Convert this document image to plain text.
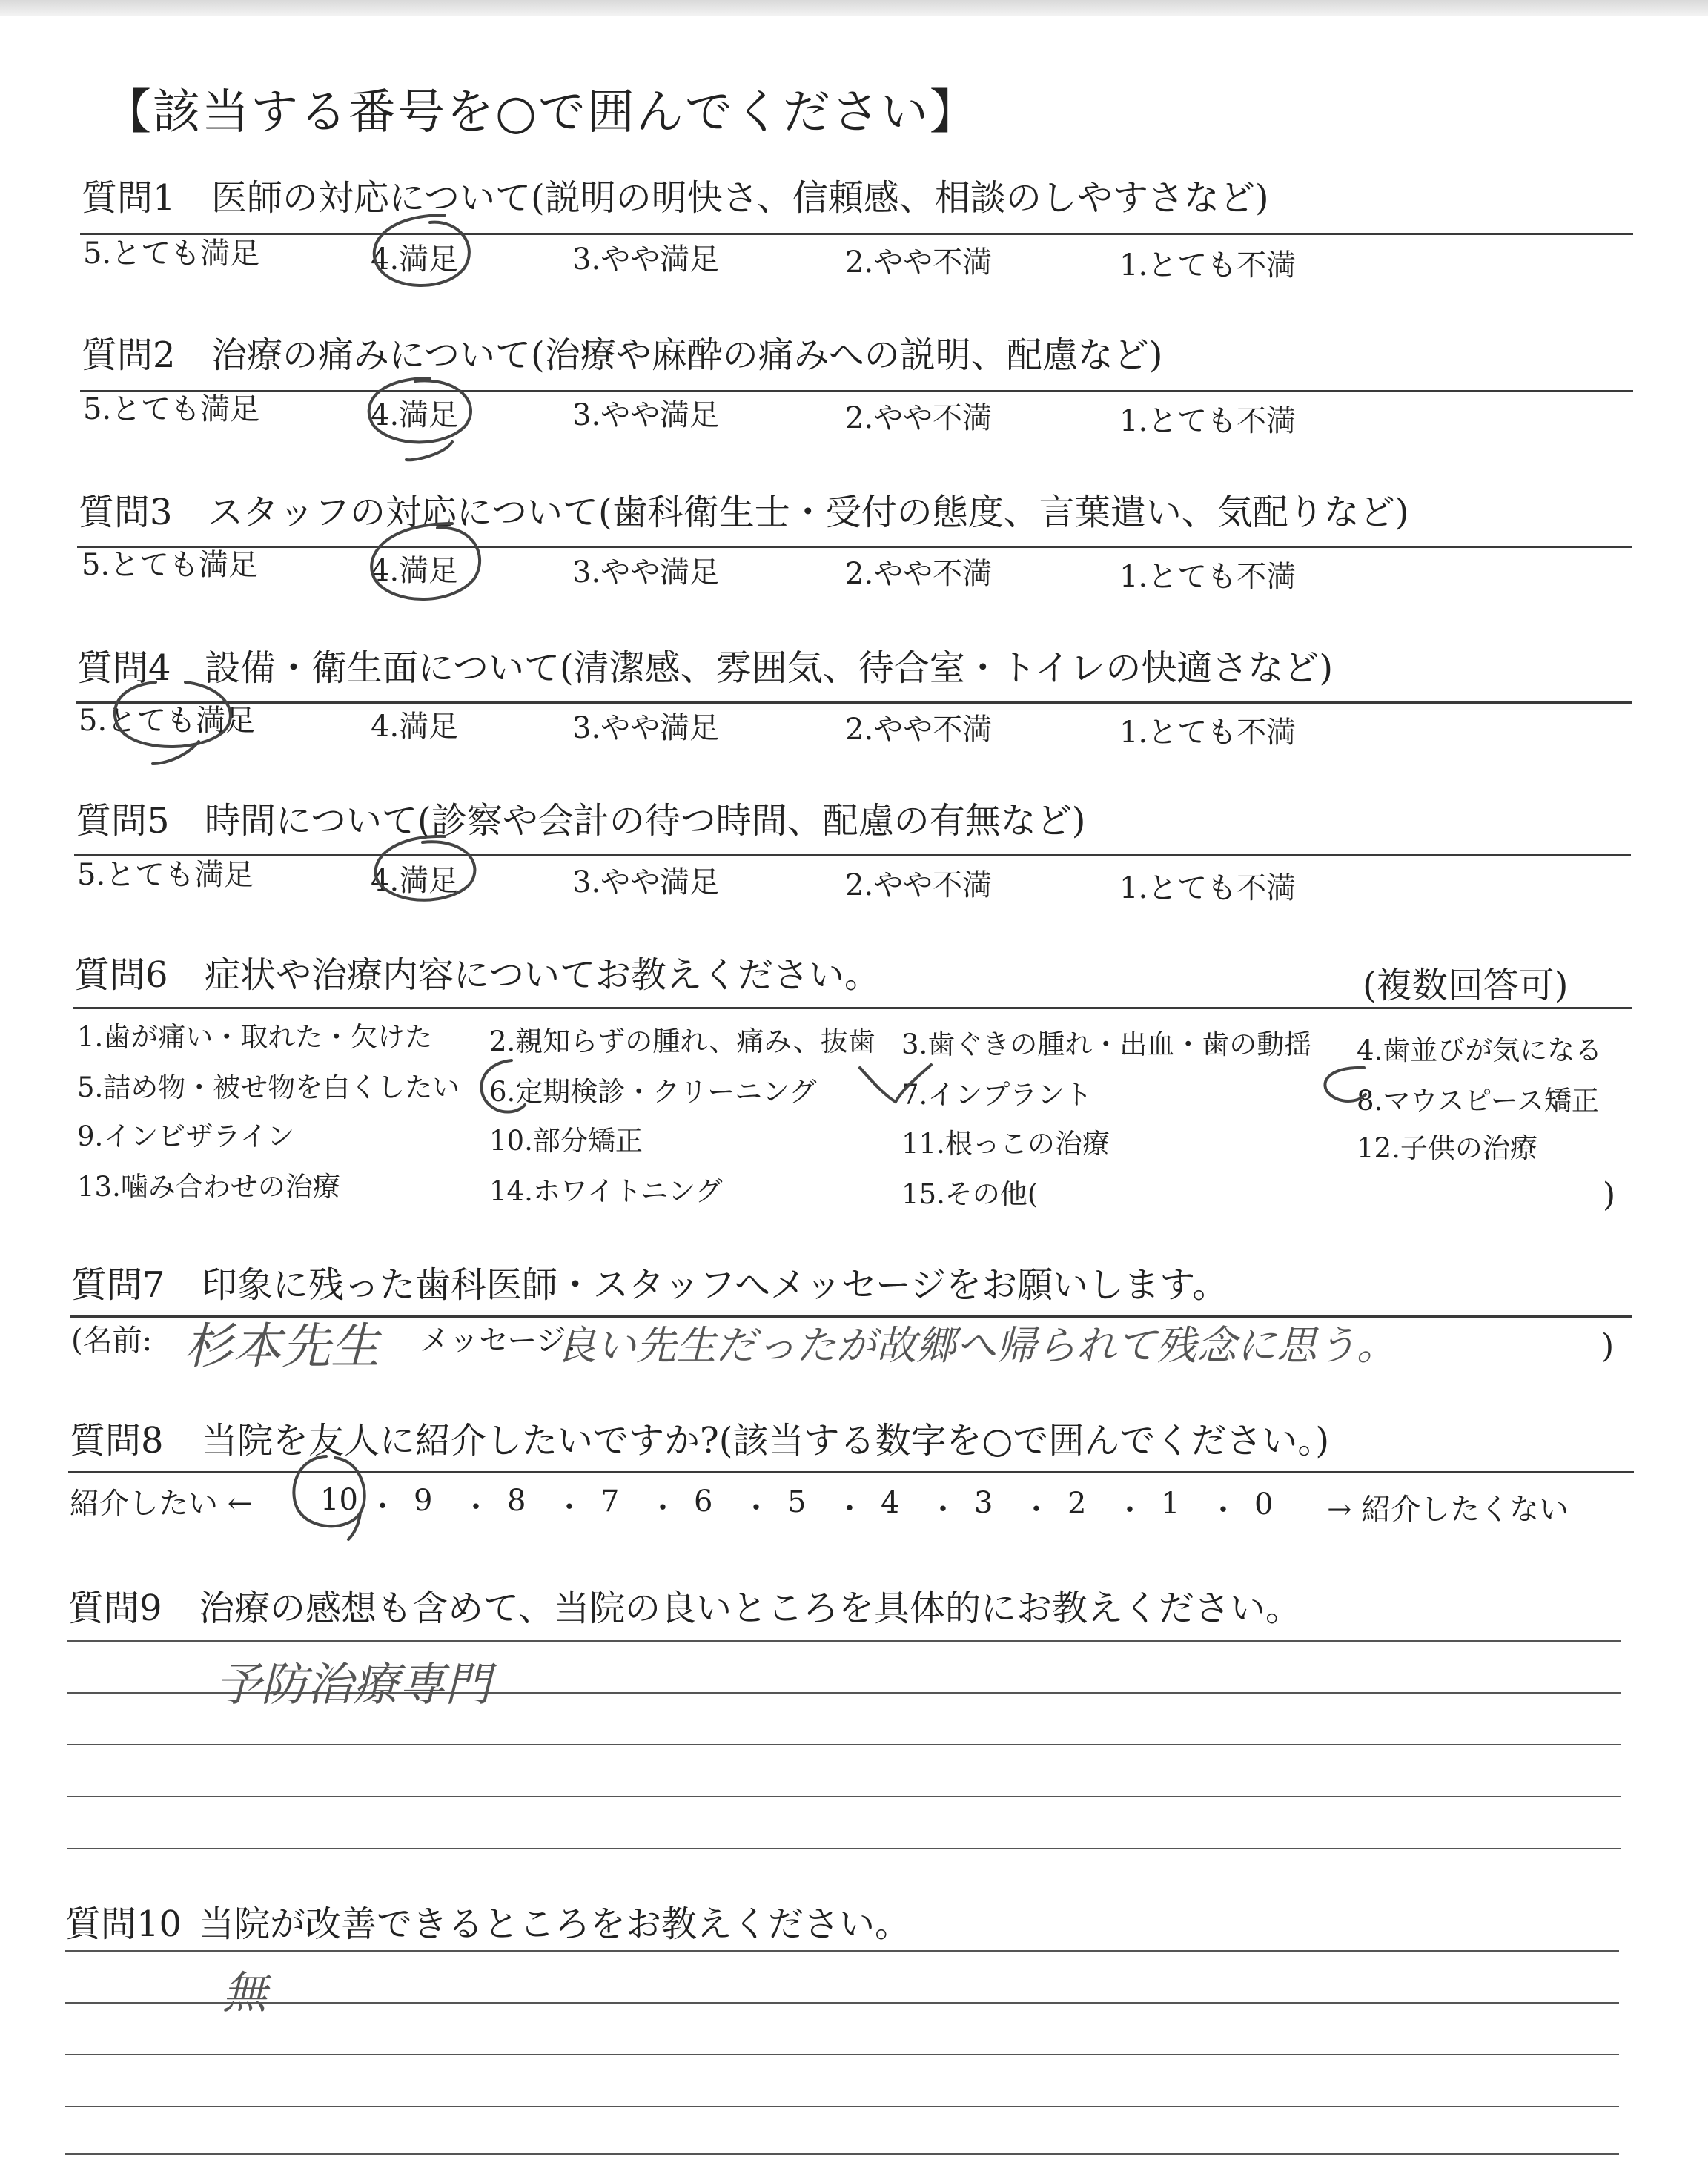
【該当する番号を○で囲んでください】
質問1 医師の対応について(説明の明快さ、信頼感、相談のしやすさなど)
5.とても満足	4.満足	3.やや満足	2.やや不満	1.とても不満
質問2 治療の痛みについて(治療や麻酔の痛みへの説明、配慮など)
5.とても満足	4.満足	3.やや満足	2.やや不満	1.とても不満
質問3 スタッフの対応について(歯科衛生士・受付の態度、言葉遣い、気配りなど)
5.とても満足	4.満足	3.やや満足	2.やや不満	1.とても不満
質問4 設備・衛生面について(清潔感、雰囲気、待合室・トイレの快適さなど)
5.とても満足	4.満足	3.やや満足	2.やや不満	1.とても不満
質問5 時間について(診察や会計の待つ時間、配慮の有無など)
5.とても満足	4.満足	3.やや満足	2.やや不満	1.とても不満
質問6 症状や治療内容についてお教えください。	(複数回答可)
1.歯が痛い・取れた・欠けた 2.親知らずの腫れ、痛み、抜歯 3.歯ぐきの腫れ・出血・歯の動揺 4.歯並びが気になる
5.詰め物・被せ物を白くしたい 6.定期検診・クリーニング	7.インプラント	8.マウスピース矯正
9.インビザライン	10.部分矯正	11.根っこの治療	12.子供の治療
13.噛み合わせの治療	14.ホワイトニング	15.その他(	)
質問7 印象に残った歯科医師・スタッフへメッセージをお願いします。
(名前: 杉本先生 メッセージ:
良い先生だったが故郷へ帰られて残念に思う。	)
質問8 当院を友人に紹介したいですか?(該当する数字を○で囲んでください。)
紹介したい ←	→ 紹介したくない
10 ・ 9 ・ 8 ・ 7 ・ 6 ・ 5 ・ 4 ・ 3 ・ 2 ・ 1 ・ 0
質問9 治療の感想も含めて、当院の良いところを具体的にお教えください。
予防治療専門
質問10 当院が改善できるところをお教えください。
無
